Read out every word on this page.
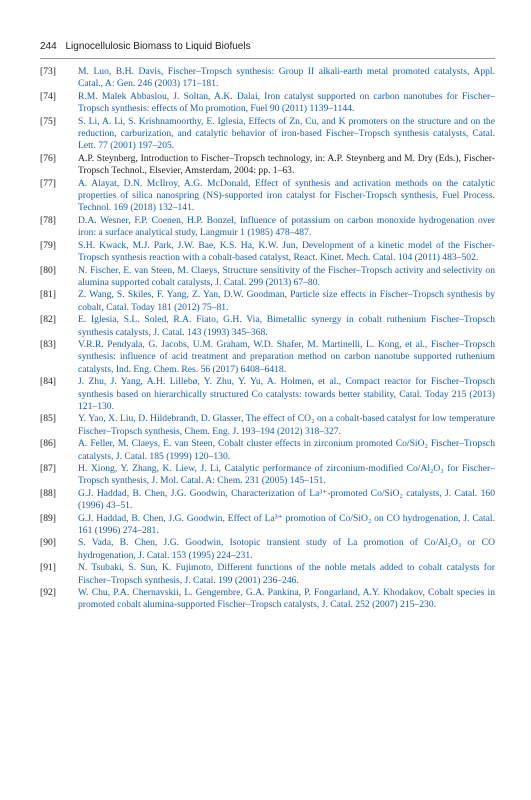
244 Lignocellulosic Biomass to Liquid Biofuels
[73] M. Luo, B.H. Davis, Fischer–Tropsch synthesis: Group II alkali-earth metal promoted catalysts, Appl. Catal., A: Gen. 246 (2003) 171–181.
[74] R.M. Malek Abbaslou, J. Soltan, A.K. Dalai, Iron catalyst supported on carbon nanotubes for Fischer–Tropsch synthesis: effects of Mo promotion, Fuel 90 (2011) 1139–1144.
[75] S. Li, A. Li, S. Krishnamoorthy, E. Iglesia, Effects of Zn, Cu, and K promoters on the structure and on the reduction, carburization, and catalytic behavior of iron-based Fischer–Tropsch synthesis catalysts, Catal. Lett. 77 (2001) 197–205.
[76] A.P. Steynberg, Introduction to Fischer–Tropsch technology, in: A.P. Steynberg and M. Dry (Eds.), Fischer-Tropsch Technol., Elsevier, Amsterdam, 2004: pp. 1–63.
[77] A. Alayat, D.N. McIlroy, A.G. McDonald, Effect of synthesis and activation methods on the catalytic properties of silica nanospring (NS)-supported iron catalyst for Fischer-Tropsch synthesis, Fuel Process. Technol. 169 (2018) 132–141.
[78] D.A. Wesner, F.P. Coenen, H.P. Bonzel, Influence of potassium on carbon monoxide hydrogenation over iron: a surface analytical study, Langmuir 1 (1985) 478–487.
[79] S.H. Kwack, M.J. Park, J.W. Bae, K.S. Ha, K.W. Jun, Development of a kinetic model of the Fischer-Tropsch synthesis reaction with a cobalt-based catalyst, React. Kinet. Mech. Catal. 104 (2011) 483–502.
[80] N. Fischer, E. van Steen, M. Claeys, Structure sensitivity of the Fischer–Tropsch activity and selectivity on alumina supported cobalt catalysts, J. Catal. 299 (2013) 67–80.
[81] Z. Wang, S. Skiles, F. Yang, Z. Yan, D.W. Goodman, Particle size effects in Fischer–Tropsch synthesis by cobalt, Catal. Today 181 (2012) 75–81.
[82] E. Iglesia, S.L. Soled, R.A. Fiato, G.H. Via, Bimetallic synergy in cobalt ruthenium Fischer–Tropsch synthesis catalysts, J. Catal. 143 (1993) 345–368.
[83] V.R.R. Pendyala, G. Jacobs, U.M. Graham, W.D. Shafer, M. Martinelli, L. Kong, et al., Fischer–Tropsch synthesis: influence of acid treatment and preparation method on carbon nanotube supported ruthenium catalysts, Ind. Eng. Chem. Res. 56 (2017) 6408–6418.
[84] J. Zhu, J. Yang, A.H. Lillebø, Y. Zhu, Y. Yu, A. Holmen, et al., Compact reactor for Fischer–Tropsch synthesis based on hierarchically structured Co catalysts: towards better stability, Catal. Today 215 (2013) 121–130.
[85] Y. Yao, X. Liu, D. Hildebrandt, D. Glasser, The effect of CO₂ on a cobalt-based catalyst for low temperature Fischer–Tropsch synthesis, Chem. Eng. J. 193–194 (2012) 318–327.
[86] A. Feller, M. Claeys, E. van Steen, Cobalt cluster effects in zirconium promoted Co/SiO₂ Fischer–Tropsch catalysts, J. Catal. 185 (1999) 120–130.
[87] H. Xiong, Y. Zhang, K. Liew, J. Li, Catalytic performance of zirconium-modified Co/Al₂O₃ for Fischer–Tropsch synthesis, J. Mol. Catal. A: Chem. 231 (2005) 145–151.
[88] G.J. Haddad, B. Chen, J.G. Goodwin, Characterization of La³⁺-promoted Co/SiO₂ catalysts, J. Catal. 160 (1996) 43–51.
[89] G.J. Haddad, B. Chen, J.G. Goodwin, Effect of La³⁺ promotion of Co/SiO₂ on CO hydrogenation, J. Catal. 161 (1996) 274–281.
[90] S. Vada, B. Chen, J.G. Goodwin, Isotopic transient study of La promotion of Co/Al₂O₃ or CO hydrogenation, J. Catal. 153 (1995) 224–231.
[91] N. Tsubaki, S. Sun, K. Fujimoto, Different functions of the noble metals added to cobalt catalysts for Fischer–Tropsch synthesis, J. Catal. 199 (2001) 236–246.
[92] W. Chu, P.A. Chernavskii, L. Gengembre, G.A. Pankina, P. Fongarland, A.Y. Khodakov, Cobalt species in promoted cobalt alumina-supported Fischer–Tropsch catalysts, J. Catal. 252 (2007) 215–230.
